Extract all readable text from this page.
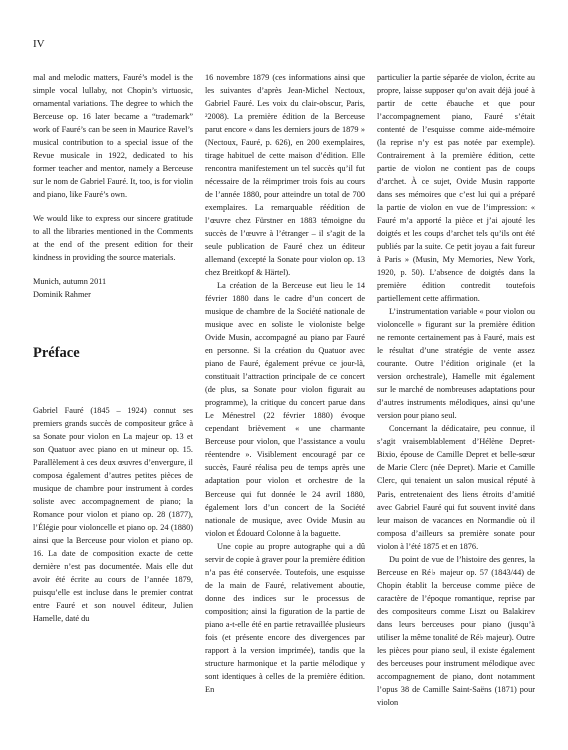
IV

mal and melodic matters, Fauré’s model is the simple vocal lullaby, not Chopin’s virtuosic, ornamental variations. The degree to which the Berceuse op. 16 later became a “trademark” work of Fauré’s can be seen in Maurice Ravel’s musical contribution to a special issue of the Revue musicale in 1922, dedicated to his former teacher and mentor, namely a Berceuse sur le nom de Gabriel Fauré. It, too, is for violin and piano, like Fauré’s own.

We would like to express our sincere gratitude to all the libraries mentioned in the Comments at the end of the present edition for their kindness in providing the source materials.

Munich, autumn 2011

Dominik Rahmer

Préface

Gabriel Fauré (1845 – 1924) connut ses premiers grands succès de compositeur grâce à sa Sonate pour violon en La majeur op. 13 et son Quatuor avec piano en ut mineur op. 15. Parallèlement à ces deux œuvres d’envergure, il composa également d’autres petites pièces de musique de chambre pour instrument à cordes soliste avec accompagnement de piano; la Romance pour violon et piano op. 28 (1877), l’Élégie pour violoncelle et piano op. 24 (1880) ainsi que la Berceuse pour violon et piano op. 16. La date de composition exacte de cette dernière n’est pas documentée. Mais elle dut avoir été écrite au cours de l’année 1879, puisqu’elle est incluse dans le premier contrat entre Fauré et son nouvel éditeur, Julien Hamelle, daté du

16 novembre 1879 (ces informations ainsi que les suivantes d’après Jean-Michel Nectoux, Gabriel Fauré. Les voix du clair-obscur, Paris, ²2008). La première édition de la Berceuse parut encore « dans les derniers jours de 1879 » (Nectoux, Fauré, p. 626), en 200 exemplaires, tirage habituel de cette maison d’édition. Elle rencontra manifestement un tel succès qu’il fut nécessaire de la réimprimer trois fois au cours de l’année 1880, pour atteindre un total de 700 exemplaires. La remarquable réédition de l’œuvre chez Fürstner en 1883 témoigne du succès de l’œuvre à l’étranger – il s’agit de la seule publication de Fauré chez un éditeur allemand (excepté la Sonate pour violon op. 13 chez Breitkopf & Härtel).

La création de la Berceuse eut lieu le 14 février 1880 dans le cadre d’un concert de musique de chambre de la Société nationale de musique avec en soliste le violoniste belge Ovide Musin, accompagné au piano par Fauré en personne. Si la création du Quatuor avec piano de Fauré, également prévue ce jour-là, constituait l’attraction principale de ce concert (de plus, sa Sonate pour violon figurait au programme), la critique du concert parue dans Le Ménestrel (22 février 1880) évoque cependant brièvement « une charmante Berceuse pour violon, que l’assistance a voulu réentendre ». Visiblement encouragé par ce succès, Fauré réalisa peu de temps après une adaptation pour violon et orchestre de la Berceuse qui fut donnée le 24 avril 1880, également lors d’un concert de la Société nationale de musique, avec Ovide Musin au violon et Édouard Colonne à la baguette.

Une copie au propre autographe qui a dû servir de copie à graver pour la première édition n’a pas été conservée. Toutefois, une esquisse de la main de Fauré, relativement aboutie, donne des indices sur le processus de composition; ainsi la figuration de la partie de piano a-t-elle été en partie retravaillée plusieurs fois (et présente encore des divergences par rapport à la version imprimée), tandis que la structure harmonique et la partie mélodique y sont identiques à celles de la première édition. En

particulier la partie séparée de violon, écrite au propre, laisse supposer qu’on avait déjà joué à partir de cette ébauche et que pour l’accompagnement piano, Fauré s’était contenté de l’esquisse comme aide-mémoire (la reprise n’y est pas notée par exemple). Contrairement à la première édition, cette partie de violon ne contient pas de coups d’archet. À ce sujet, Ovide Musin rapporte dans ses mémoires que c’est lui qui a préparé la partie de violon en vue de l’impression: « Fauré m’a apporté la pièce et j’ai ajouté les doigtés et les coups d’archet tels qu’ils ont été publiés par la suite. Ce petit joyau a fait fureur à Paris » (Musin, My Memories, New York, 1920, p. 50). L’absence de doigtés dans la première édition contredit toutefois partiellement cette affirmation.

L’instrumentation variable « pour violon ou violoncelle » figurant sur la première édition ne remonte certainement pas à Fauré, mais est le résultat d’une stratégie de vente assez courante. Outre l’édition originale (et la version orchestrale), Hamelle mit également sur le marché de nombreuses adaptations pour d’autres instruments mélodiques, ainsi qu’une version pour piano seul.

Concernant la dédicataire, peu connue, il s’agit vraisemblablement d’Hélène Depret-Bixio, épouse de Camille Depret et belle-sœur de Marie Clerc (née Depret). Marie et Camille Clerc, qui tenaient un salon musical réputé à Paris, entretenaient des liens étroits d’amitié avec Gabriel Fauré qui fut souvent invité dans leur maison de vacances en Normandie où il composa d’ailleurs sa première sonate pour violon à l’été 1875 et en 1876.

Du point de vue de l’histoire des genres, la Berceuse en Ré♭ majeur op. 57 (1843/44) de Chopin établit la berceuse comme pièce de caractère de l’époque romantique, reprise par des compositeurs comme Liszt ou Balakirev dans leurs berceuses pour piano (jusqu’à utiliser la même tonalité de Ré♭ majeur). Outre les pièces pour piano seul, il existe également des berceuses pour instrument mélodique avec accompagnement de piano, dont notamment l’opus 38 de Camille Saint-Saëns (1871) pour violon
